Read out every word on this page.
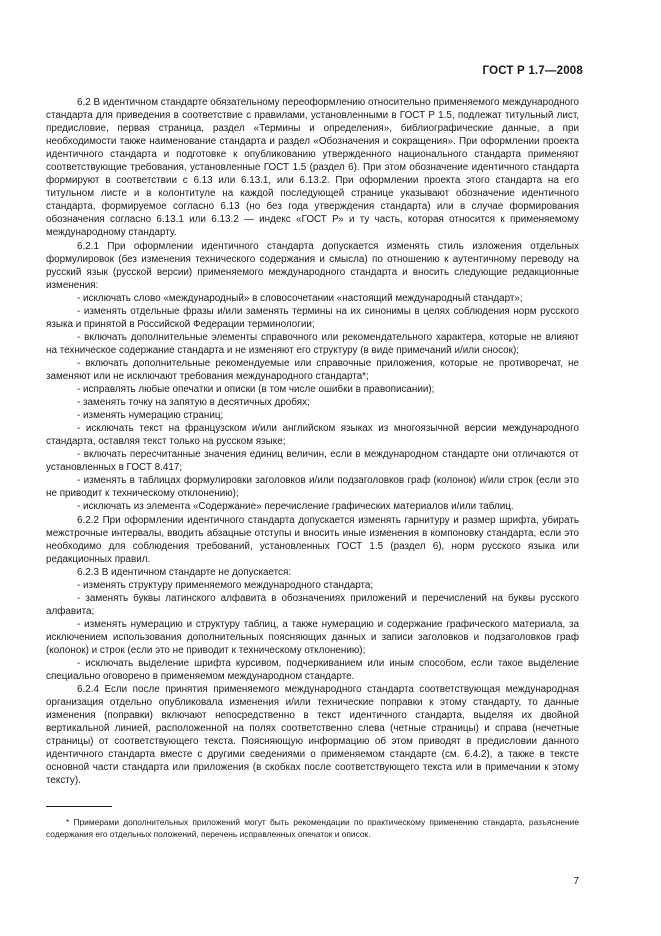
ГОСТ Р 1.7—2008

6.2 В идентичном стандарте обязательному переоформлению относительно применяемого международного стандарта для приведения в соответствие с правилами, установленными в ГОСТ Р 1.5, подлежат титульный лист, предисловие, первая страница, раздел «Термины и определения», библиографические данные, а при необходимости также наименование стандарта и раздел «Обозначения и сокращения». При оформлении проекта идентичного стандарта и подготовке к опубликованию утвержденного национального стандарта применяют соответствующие требования, установленные ГОСТ 1.5 (раздел 6). При этом обозначение идентичного стандарта формируют в соответствии с 6.13 или 6.13.1, или 6.13.2. При оформлении проекта этого стандарта на его титульном листе и в колонтитуле на каждой последующей странице указывают обозначение идентичного стандарта, формируемое согласно 6.13 (но без года утверждения стандарта) или в случае формирования обозначения согласно 6.13.1 или 6.13.2 — индекс «ГОСТ Р» и ту часть, которая относится к применяемому международному стандарту.

6.2.1 При оформлении идентичного стандарта допускается изменять стиль изложения отдельных формулировок (без изменения технического содержания и смысла) по отношению к аутентичному переводу на русский язык (русской версии) применяемого международного стандарта и вносить следующие редакционные изменения:

- исключать слово «международный» в словосочетании «настоящий международный стандарт»;

- изменять отдельные фразы и/или заменять термины на их синонимы в целях соблюдения норм русского языка и принятой в Российской Федерации терминологии;

- включать дополнительные элементы справочного или рекомендательного характера, которые не влияют на техническое содержание стандарта и не изменяют его структуру (в виде примечаний и/или сносок);

- включать дополнительные рекомендуемые или справочные приложения, которые не противоречат, не заменяют или не исключают требования международного стандарта*;

- исправлять любые опечатки и описки (в том числе ошибки в правописании);

- заменять точку на запятую в десятичных дробях;

- изменять нумерацию страниц;

- исключать текст на французском и/или английском языках из многоязычной версии международного стандарта, оставляя текст только на русском языке;

- включать пересчитанные значения единиц величин, если в международном стандарте они отличаются от установленных в ГОСТ 8.417;

- изменять в таблицах формулировки заголовков и/или подзаголовков граф (колонок) и/или строк (если это не приводит к техническому отклонению);

- исключать из элемента «Содержание» перечисление графических материалов и/или таблиц.

6.2.2 При оформлении идентичного стандарта допускается изменять гарнитуру и размер шрифта, убирать межстрочные интервалы, вводить абзацные отступы и вносить иные изменения в компоновку стандарта, если это необходимо для соблюдения требований, установленных ГОСТ 1.5 (раздел 6), норм русского языка или редакционных правил.

6.2.3 В идентичном стандарте не допускается:

- изменять структуру применяемого международного стандарта;

- заменять буквы латинского алфавита в обозначениях приложений и перечислений на буквы русского алфавита;

- изменять нумерацию и структуру таблиц, а также нумерацию и содержание графического материала, за исключением использования дополнительных поясняющих данных и записи заголовков и подзаголовков граф (колонок) и строк (если это не приводит к техническому отклонению);

- исключать выделение шрифта курсивом, подчеркиванием или иным способом, если такое выделение специально оговорено в применяемом международном стандарте.

6.2.4 Если после принятия применяемого международного стандарта соответствующая международная организация отдельно опубликовала изменения и/или технические поправки к этому стандарту, то данные изменения (поправки) включают непосредственно в текст идентичного стандарта, выделяя их двойной вертикальной линией, расположенной на полях соответственно слева (четные страницы) и справа (нечетные страницы) от соответствующего текста. Поясняющую информацию об этом приводят в предисловии данного идентичного стандарта вместе с другими сведениями о применяемом стандарте (см. 6.4.2), а также в тексте основной части стандарта или приложения (в скобках после соответствующего текста или в примечании к этому тексту).

* Примерами дополнительных приложений могут быть рекомендации по практическому применению стандарта, разъяснение содержания его отдельных положений, перечень исправленных опечаток и описок.

7
